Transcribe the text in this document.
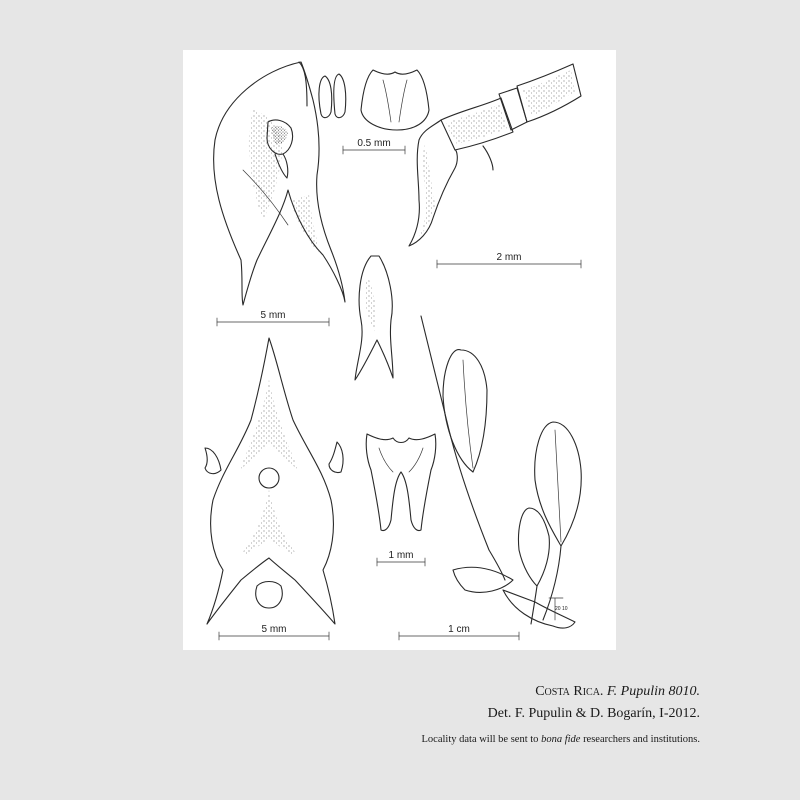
5 mm
0.5 mm
2 mm
20 10
1 cm
5 mm
1 mm
Costa Rica. F. Pupulin 8010.
Det. F. Pupulin & D. Bogarín, I-2012.
Locality data will be sent to bona fide researchers and institutions.
